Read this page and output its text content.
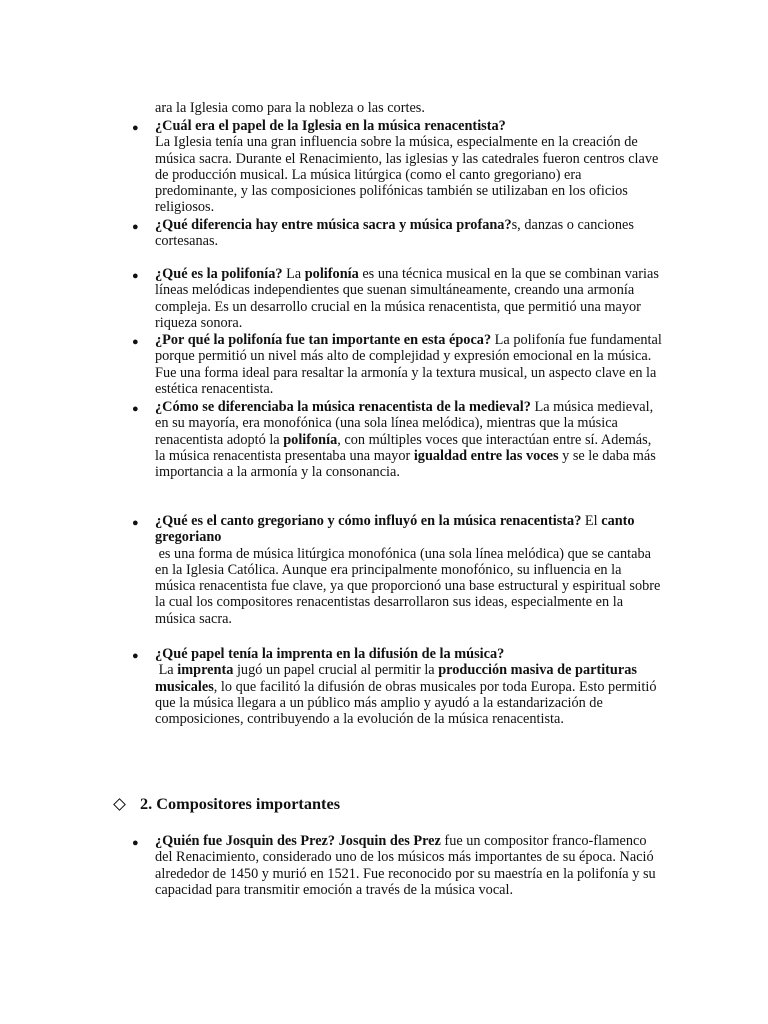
ara la Iglesia como para la nobleza o las cortes.
● ¿Cuál era el papel de la Iglesia en la música renacentista?
La Iglesia tenía una gran influencia sobre la música, especialmente en la creación de música sacra. Durante el Renacimiento, las iglesias y las catedrales fueron centros clave de producción musical. La música litúrgica (como el canto gregoriano) era predominante, y las composiciones polifónicas también se utilizaban en los oficios religiosos.
● ¿Qué diferencia hay entre música sacra y música profana?s, danzas o canciones cortesanas.
● ¿Qué es la polifonía? La polifonía es una técnica musical en la que se combinan varias líneas melódicas independientes que suenan simultáneamente, creando una armonía compleja. Es un desarrollo crucial en la música renacentista, que permitió una mayor riqueza sonora.
● ¿Por qué la polifonía fue tan importante en esta época? La polifonía fue fundamental porque permitió un nivel más alto de complejidad y expresión emocional en la música. Fue una forma ideal para resaltar la armonía y la textura musical, un aspecto clave en la estética renacentista.
● ¿Cómo se diferenciaba la música renacentista de la medieval? La música medieval, en su mayoría, era monofónica (una sola línea melódica), mientras que la música renacentista adoptó la polifonía, con múltiples voces que interactúan entre sí. Además, la música renacentista presentaba una mayor igualdad entre las voces y se le daba más importancia a la armonía y la consonancia.
● ¿Qué es el canto gregoriano y cómo influyó en la música renacentista? El canto gregoriano
es una forma de música litúrgica monofónica (una sola línea melódica) que se cantaba en la Iglesia Católica. Aunque era principalmente monofónico, su influencia en la música renacentista fue clave, ya que proporcionó una base estructural y espiritual sobre la cual los compositores renacentistas desarrollaron sus ideas, especialmente en la música sacra.
● ¿Qué papel tenía la imprenta en la difusión de la música?
La imprenta jugó un papel crucial al permitir la producción masiva de partituras musicales, lo que facilitó la difusión de obras musicales por toda Europa. Esto permitió que la música llegara a un público más amplio y ayudó a la estandarización de composiciones, contribuyendo a la evolución de la música renacentista.
2. Compositores importantes
● ¿Quién fue Josquin des Prez? Josquin des Prez fue un compositor franco-flamenco del Renacimiento, considerado uno de los músicos más importantes de su época. Nació alrededor de 1450 y murió en 1521. Fue reconocido por su maestría en la polifonía y su capacidad para transmitir emoción a través de la música vocal.
